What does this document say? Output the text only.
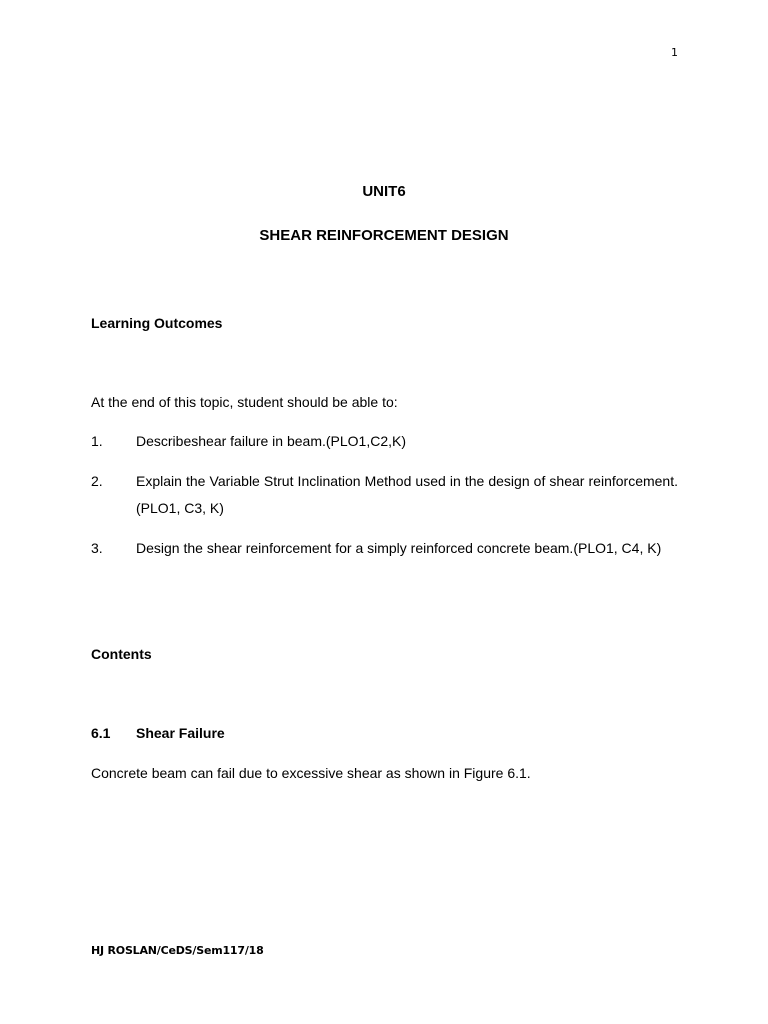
1
UNIT6
SHEAR REINFORCEMENT DESIGN
Learning Outcomes
At the end of this topic, student should be able to:
1. Describeshear failure in beam.(PLO1,C2,K)
2. Explain the Variable Strut Inclination Method used in the design of shear reinforcement.(PLO1, C3, K)
3. Design the shear reinforcement for a simply reinforced concrete beam.(PLO1, C4, K)
Contents
6.1 Shear Failure
Concrete beam can fail due to excessive shear as shown in Figure 6.1.
HJ ROSLAN/CeDS/Sem117/18
